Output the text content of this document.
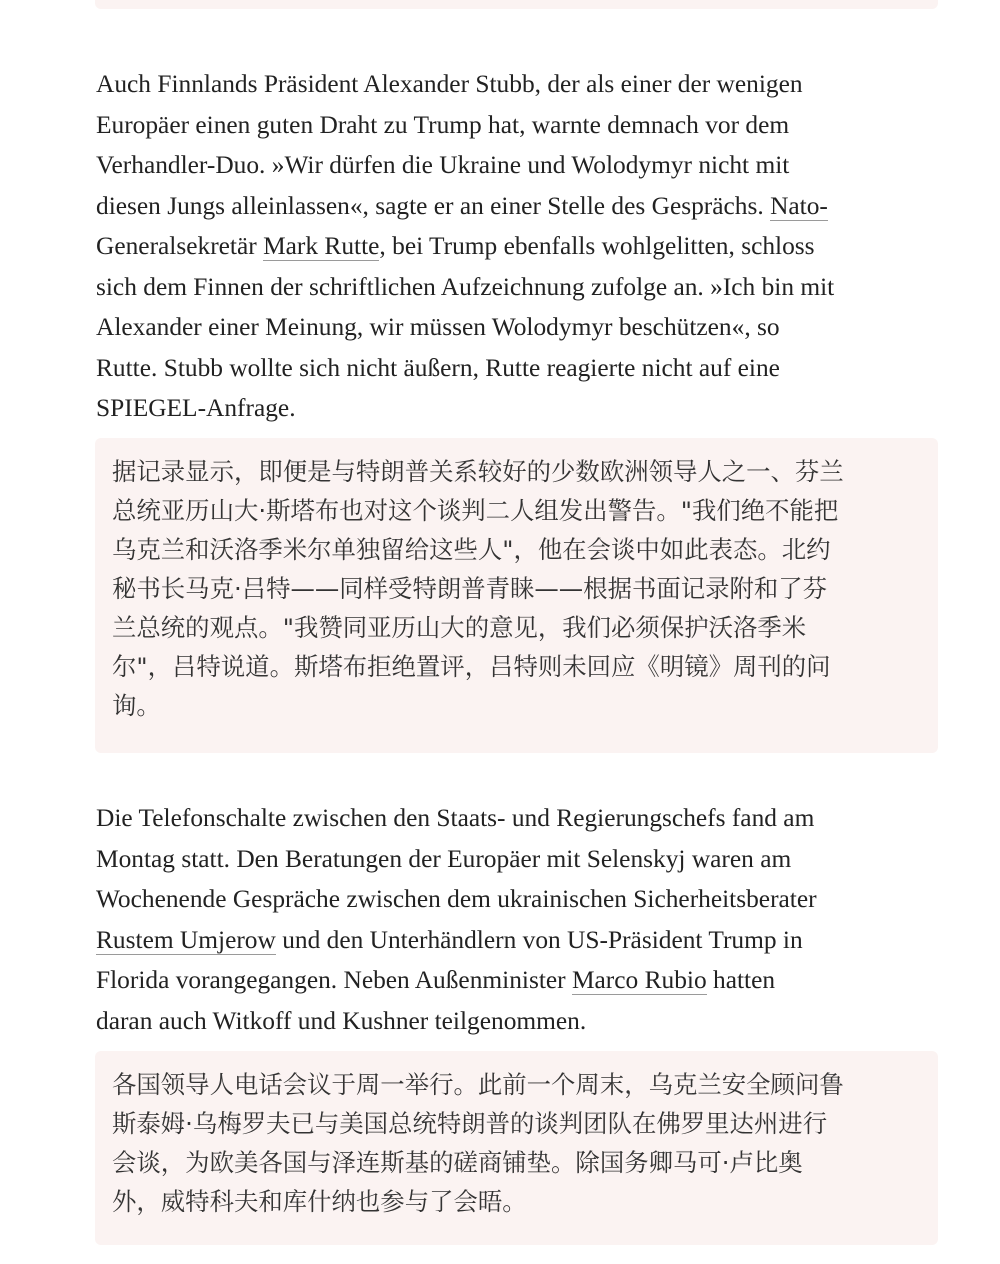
Auch Finnlands Präsident Alexander Stubb, der als einer der wenigen
Europäer einen guten Draht zu Trump hat, warnte demnach vor dem
Verhandler-Duo. »Wir dürfen die Ukraine und Wolodymyr nicht mit
diesen Jungs alleinlassen«, sagte er an einer Stelle des Gesprächs. Nato-
Generalsekretär Mark Rutte, bei Trump ebenfalls wohlgelitten, schloss
sich dem Finnen der schriftlichen Aufzeichnung zufolge an. »Ich bin mit
Alexander einer Meinung, wir müssen Wolodymyr beschützen«, so
Rutte. Stubb wollte sich nicht äußern, Rutte reagierte nicht auf eine
SPIEGEL-Anfrage.

据记录显示，即便是与特朗普关系较好的少数欧洲领导人之一、芬兰
总统亚历山大·斯塔布也对这个谈判二人组发出警告。"我们绝不能把
乌克兰和沃洛季米尔单独留给这些人"，他在会谈中如此表态。北约
秘书长马克·吕特——同样受特朗普青睐——根据书面记录附和了芬
兰总统的观点。"我赞同亚历山大的意见，我们必须保护沃洛季米
尔"，吕特说道。斯塔布拒绝置评，吕特则未回应《明镜》周刊的问
询。

Die Telefonschalte zwischen den Staats- und Regierungschefs fand am
Montag statt. Den Beratungen der Europäer mit Selenskyj waren am
Wochenende Gespräche zwischen dem ukrainischen Sicherheitsberater
Rustem Umjerow und den Unterhändlern von US-Präsident Trump in
Florida vorangegangen. Neben Außenminister Marco Rubio hatten
daran auch Witkoff und Kushner teilgenommen.

各国领导人电话会议于周一举行。此前一个周末，乌克兰安全顾问鲁
斯泰姆·乌梅罗夫已与美国总统特朗普的谈判团队在佛罗里达州进行
会谈，为欧美各国与泽连斯基的磋商铺垫。除国务卿马可·卢比奥
外，威特科夫和库什纳也参与了会晤。
